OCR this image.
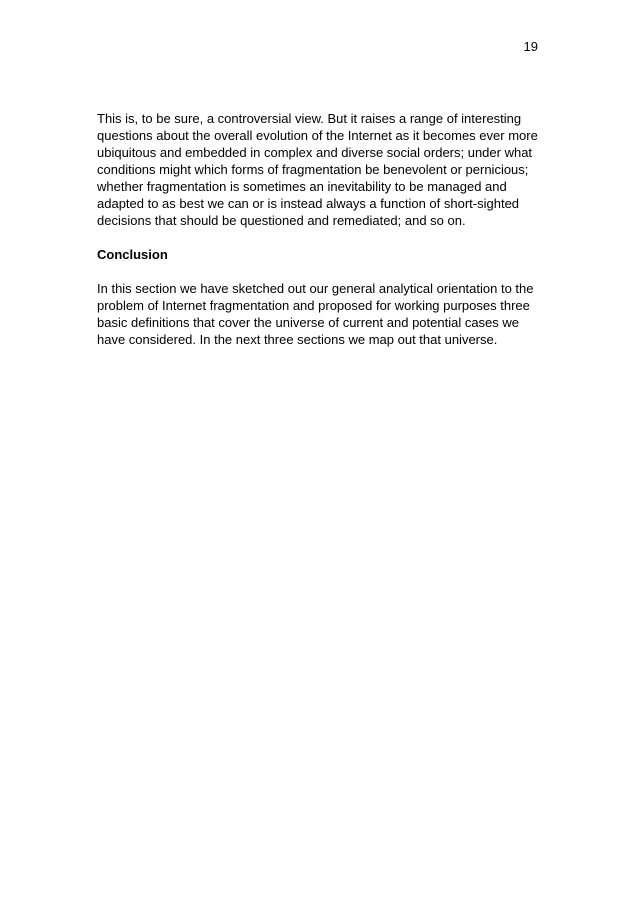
19

This is, to be sure, a controversial view. But it raises a range of interesting
questions about the overall evolution of the Internet as it becomes ever more
ubiquitous and embedded in complex and diverse social orders; under what
conditions might which forms of fragmentation be benevolent or pernicious;
whether fragmentation is sometimes an inevitability to be managed and
adapted to as best we can or is instead always a function of short-sighted
decisions that should be questioned and remediated; and so on.

Conclusion

In this section we have sketched out our general analytical orientation to the
problem of Internet fragmentation and proposed for working purposes three
basic definitions that cover the universe of current and potential cases we
have considered. In the next three sections we map out that universe.
